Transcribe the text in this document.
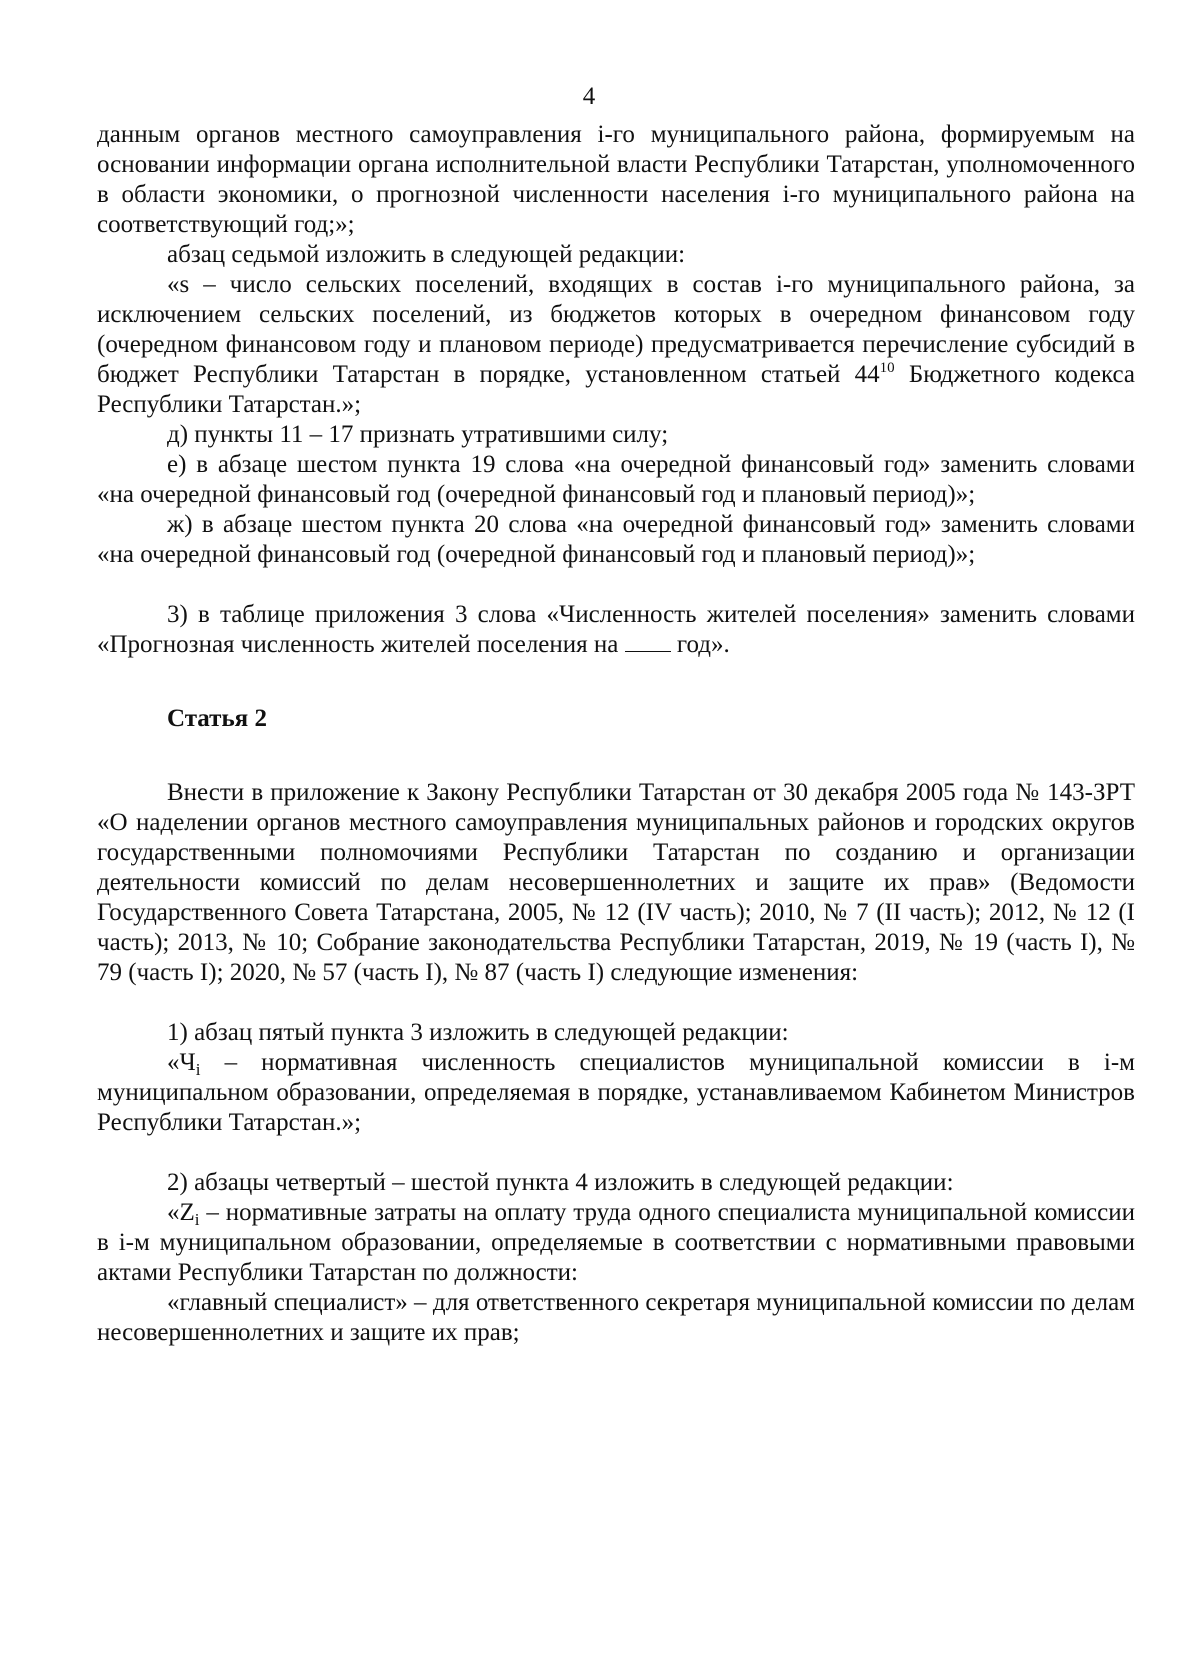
4

данным органов местного самоуправления i-го муниципального района, формируемым на основании информации органа исполнительной власти Республики Татарстан, уполномоченного в области экономики, о прогнозной численности населения i-го муниципального района на соответствующий год;»;

абзац седьмой изложить в следующей редакции:

«s – число сельских поселений, входящих в состав i-го муниципального района, за исключением сельских поселений, из бюджетов которых в очередном финансовом году (очередном финансовом году и плановом периоде) предусматривается перечисление субсидий в бюджет Республики Татарстан в порядке, установленном статьей $44^{10}$ Бюджетного кодекса Республики Татарстан.»;

д) пункты 11 – 17 признать утратившими силу;

е) в абзаце шестом пункта 19 слова «на очередной финансовый год» заменить словами «на очередной финансовый год (очередной финансовый год и плановый период)»;

ж) в абзаце шестом пункта 20 слова «на очередной финансовый год» заменить словами «на очередной финансовый год (очередной финансовый год и плановый период)»;

3) в таблице приложения 3 слова «Численность жителей поселения» заменить словами «Прогнозная численность жителей поселения на  год».

Статья 2

Внести в приложение к Закону Республики Татарстан от 30 декабря 2005 года № 143-ЗРТ «О наделении органов местного самоуправления муниципальных районов и городских округов государственными полномочиями Республики Татарстан по созданию и организации деятельности комиссий по делам несовершеннолетних и защите их прав» (Ведомости Государственного Совета Татарстана, 2005, № 12 (IV часть); 2010, № 7 (II часть); 2012, № 12 (I часть); 2013, № 10; Собрание законодательства Республики Татарстан, 2019, № 19 (часть I), № 79 (часть I); 2020, № 57 (часть I), № 87 (часть I) следующие изменения:

1) абзац пятый пункта 3 изложить в следующей редакции:

«$Ч_i$ – нормативная численность специалистов муниципальной комиссии в i-м муниципальном образовании, определяемая в порядке, устанавливаемом Кабинетом Министров Республики Татарстан.»;

2) абзацы четвертый – шестой пункта 4 изложить в следующей редакции:

«$Z_i$ – нормативные затраты на оплату труда одного специалиста муниципальной комиссии в i-м муниципальном образовании, определяемые в соответствии с нормативными правовыми актами Республики Татарстан по должности:

«главный специалист» – для ответственного секретаря муниципальной комиссии по делам несовершеннолетних и защите их прав;
